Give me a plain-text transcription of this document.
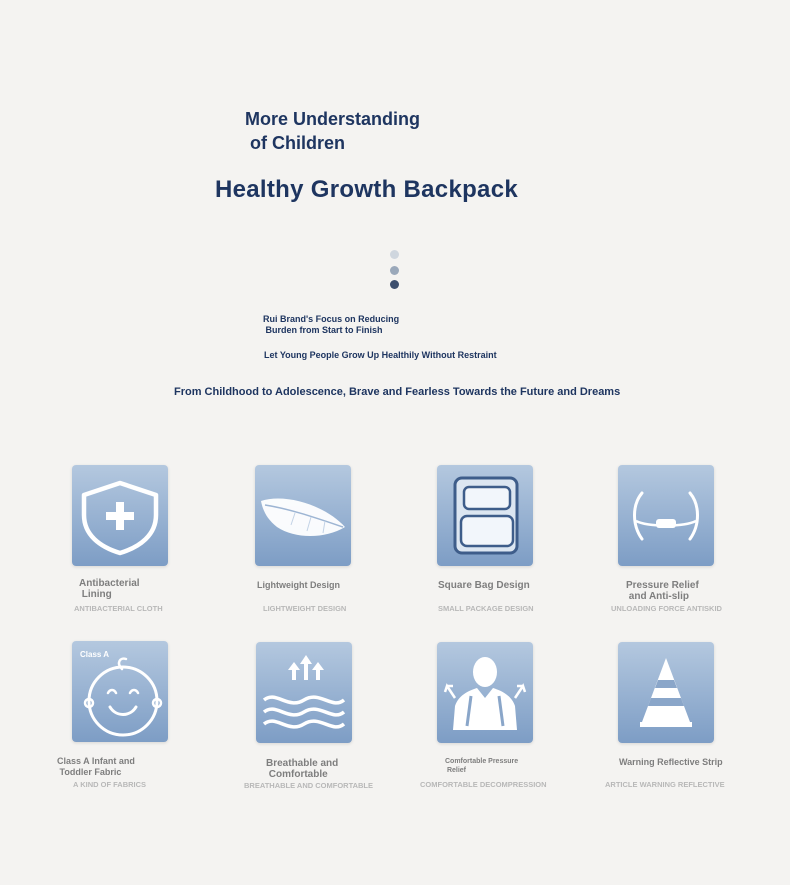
More Understanding
of Children
Healthy Growth Backpack
Rui Brand's Focus on Reducing
Burden from Start to Finish
Let Young People Grow Up Healthily Without Restraint
From Childhood to Adolescence, Brave and Fearless Towards the Future and Dreams
Antibacterial
Lining
ANTIBACTERIAL CLOTH
Lightweight Design
LIGHTWEIGHT DESIGN
Square Bag Design
SMALL PACKAGE DESIGN
Pressure Relief
and Anti-slip
UNLOADING FORCE ANTISKID
Class A
Class A Infant and
Toddler Fabric
A KIND OF FABRICS
Breathable and
Comfortable
BREATHABLE AND COMFORTABLE
Comfortable Pressure
Relief
COMFORTABLE DECOMPRESSION
Warning Reflective Strip
ARTICLE WARNING REFLECTIVE
